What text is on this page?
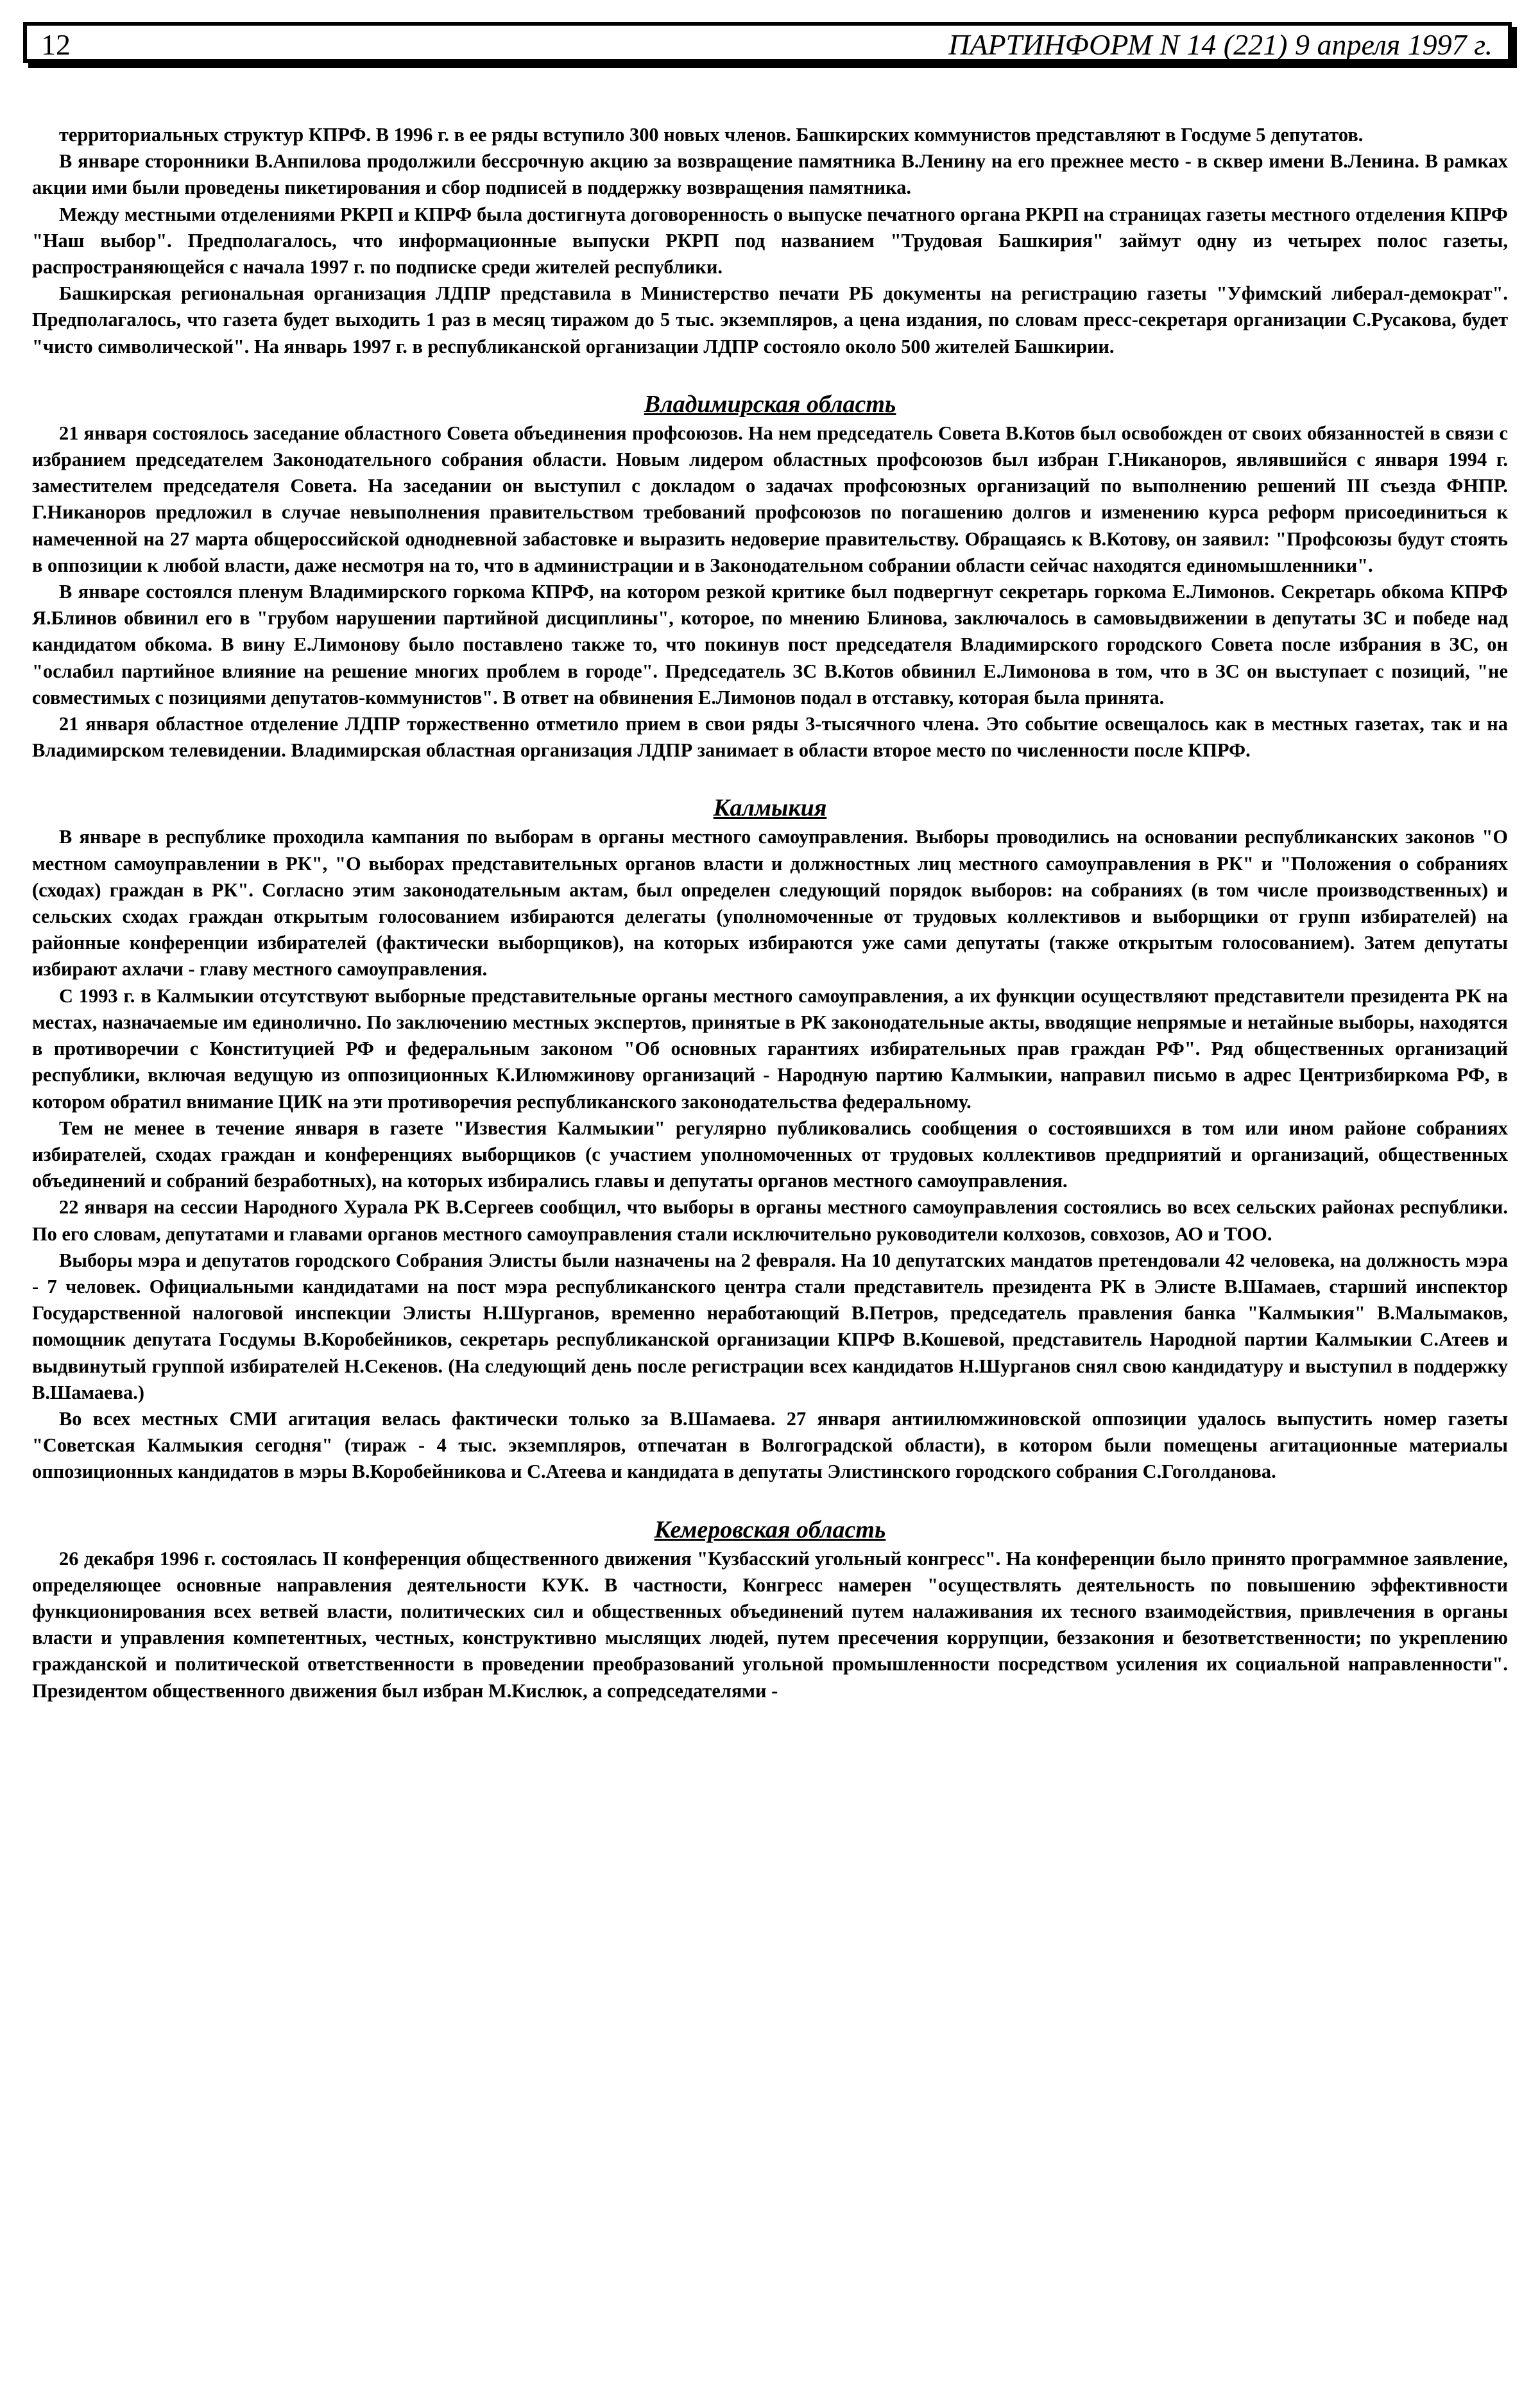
12	ПАРТИНФОРМ N 14 (221) 9 апреля 1997 г.

территориальных структур КПРФ. В 1996 г. в ее ряды вступило 300 новых членов. Башкирских коммунистов представляют в Госдуме 5 депутатов.

В январе сторонники В.Анпилова продолжили бессрочную акцию за возвращение памятника В.Ленину на его прежнее место - в сквер имени В.Ленина. В рамках акции ими были проведены пикетирования и сбор подписей в поддержку возвращения памятника.

Между местными отделениями РКРП и КПРФ была достигнута договоренность о выпуске печатного органа РКРП на страницах газеты местного отделения КПРФ "Наш выбор". Предполагалось, что информационные выпуски РКРП под названием "Трудовая Башкирия" займут одну из четырех полос газеты, распространяющейся с начала 1997 г. по подписке среди жителей республики.

Башкирская региональная организация ЛДПР представила в Министерство печати РБ документы на регистрацию газеты "Уфимский либерал-демократ". Предполагалось, что газета будет выходить 1 раз в месяц тиражом до 5 тыс. экземпляров, а цена издания, по словам пресс-секретаря организации С.Русакова, будет "чисто символической". На январь 1997 г. в республиканской организации ЛДПР состояло около 500 жителей Башкирии.

Владимирская область

21 января состоялось заседание областного Совета объединения профсоюзов. На нем председатель Совета В.Котов был освобожден от своих обязанностей в связи с избранием председателем Законодательного собрания области. Новым лидером областных профсоюзов был избран Г.Никаноров, являвшийся с января 1994 г. заместителем председателя Совета. На заседании он выступил с докладом о задачах профсоюзных организаций по выполнению решений III съезда ФНПР. Г.Никаноров предложил в случае невыполнения правительством требований профсоюзов по погашению долгов и изменению курса реформ присоединиться к намеченной на 27 марта общероссийской однодневной забастовке и выразить недоверие правительству. Обращаясь к В.Котову, он заявил: "Профсоюзы будут стоять в оппозиции к любой власти, даже несмотря на то, что в администрации и в Законодательном собрании области сейчас находятся единомышленники".

В январе состоялся пленум Владимирского горкома КПРФ, на котором резкой критике был подвергнут секретарь горкома Е.Лимонов. Секретарь обкома КПРФ Я.Блинов обвинил его в "грубом нарушении партийной дисциплины", которое, по мнению Блинова, заключалось в самовыдвижении в депутаты ЗС и победе над кандидатом обкома. В вину Е.Лимонову было поставлено также то, что покинув пост председателя Владимирского городского Совета после избрания в ЗС, он "ослабил партийное влияние на решение многих проблем в городе". Председатель ЗС В.Котов обвинил Е.Лимонова в том, что в ЗС он выступает с позиций, "не совместимых с позициями депутатов-коммунистов". В ответ на обвинения Е.Лимонов подал в отставку, которая была принята.

21 января областное отделение ЛДПР торжественно отметило прием в свои ряды 3-тысячного члена. Это событие освещалось как в местных газетах, так и на Владимирском телевидении. Владимирская областная организация ЛДПР занимает в области второе место по численности после КПРФ.

Калмыкия

В январе в республике проходила кампания по выборам в органы местного самоуправления. Выборы проводились на основании республиканских законов "О местном самоуправлении в РК", "О выборах представительных органов власти и должностных лиц местного самоуправления в РК" и "Положения о собраниях (сходах) граждан в РК". Согласно этим законодательным актам, был определен следующий порядок выборов: на собраниях (в том числе производственных) и сельских сходах граждан открытым голосованием избираются делегаты (уполномоченные от трудовых коллективов и выборщики от групп избирателей) на районные конференции избирателей (фактически выборщиков), на которых избираются уже сами депутаты (также открытым голосованием). Затем депутаты избирают ахлачи - главу местного самоуправления.

С 1993 г. в Калмыкии отсутствуют выборные представительные органы местного самоуправления, а их функции осуществляют представители президента РК на местах, назначаемые им единолично. По заключению местных экспертов, принятые в РК законодательные акты, вводящие непрямые и нетайные выборы, находятся в противоречии с Конституцией РФ и федеральным законом "Об основных гарантиях избирательных прав граждан РФ". Ряд общественных организаций республики, включая ведущую из оппозиционных К.Илюмжинову организаций - Народную партию Калмыкии, направил письмо в адрес Центризбиркома РФ, в котором обратил внимание ЦИК на эти противоречия республиканского законодательства федеральному.

Тем не менее в течение января в газете "Известия Калмыкии" регулярно публиковались сообщения о состоявшихся в том или ином районе собраниях избирателей, сходах граждан и конференциях выборщиков (с участием уполномоченных от трудовых коллективов предприятий и организаций, общественных объединений и собраний безработных), на которых избирались главы и депутаты органов местного самоуправления.

22 января на сессии Народного Хурала РК В.Сергеев сообщил, что выборы в органы местного самоуправления состоялись во всех сельских районах республики. По его словам, депутатами и главами органов местного самоуправления стали исключительно руководители колхозов, совхозов, АО и ТОО.

Выборы мэра и депутатов городского Собрания Элисты были назначены на 2 февраля. На 10 депутатских мандатов претендовали 42 человека, на должность мэра - 7 человек. Официальными кандидатами на пост мэра республиканского центра стали представитель президента РК в Элисте В.Шамаев, старший инспектор Государственной налоговой инспекции Элисты Н.Шурганов, временно неработающий В.Петров, председатель правления банка "Калмыкия" В.Малымаков, помощник депутата Госдумы В.Коробейников, секретарь республиканской организации КПРФ В.Кошевой, представитель Народной партии Калмыкии С.Атеев и выдвинутый группой избирателей Н.Секенов. (На следующий день после регистрации всех кандидатов Н.Шурганов снял свою кандидатуру и выступил в поддержку В.Шамаева.)

Во всех местных СМИ агитация велась фактически только за В.Шамаева. 27 января антиилюмжиновской оппозиции удалось выпустить номер газеты "Советская Калмыкия сегодня" (тираж - 4 тыс. экземпляров, отпечатан в Волгоградской области), в котором были помещены агитационные материалы оппозиционных кандидатов в мэры В.Коробейникова и С.Атеева и кандидата в депутаты Элистинского городского собрания С.Гоголданова.

Кемеровская область

26 декабря 1996 г. состоялась II конференция общественного движения "Кузбасский угольный конгресс". На конференции было принято программное заявление, определяющее основные направления деятельности КУК. В частности, Конгресс намерен "осуществлять деятельность по повышению эффективности функционирования всех ветвей власти, политических сил и общественных объединений путем налаживания их тесного взаимодействия, привлечения в органы власти и управления компетентных, честных, конструктивно мыслящих людей, путем пресечения коррупции, беззакония и безответственности; по укреплению гражданской и политической ответственности в проведении преобразований угольной промышленности посредством усиления их социальной направленности". Президентом общественного движения был избран М.Кислюк, а сопредседателями -
